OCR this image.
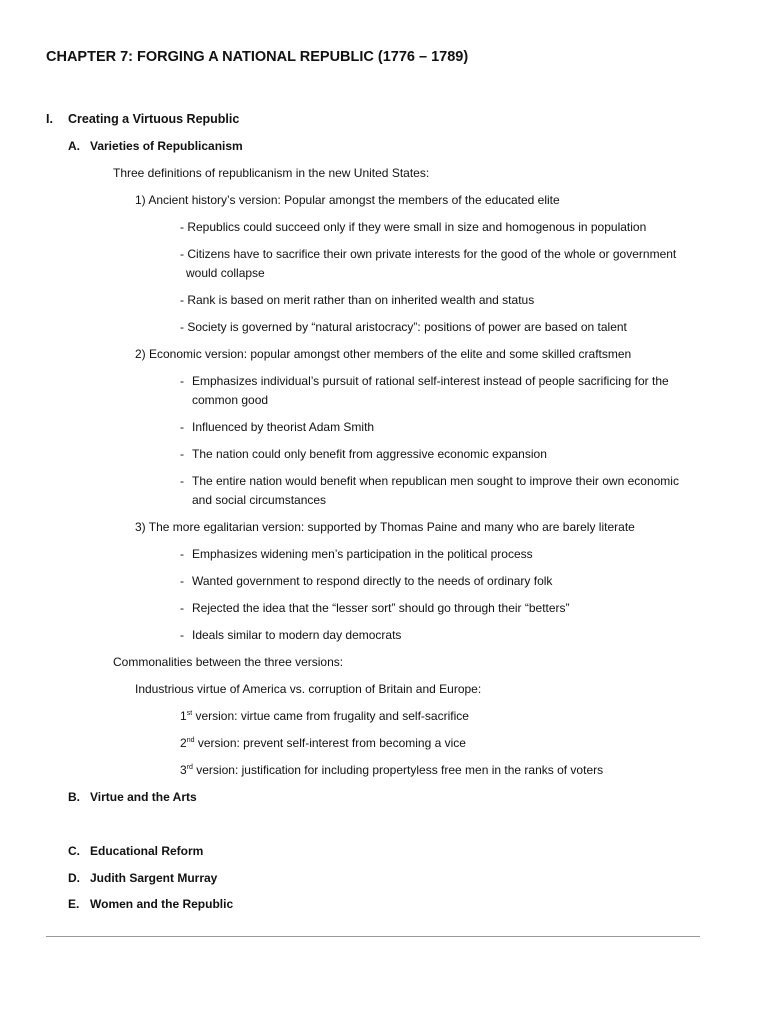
CHAPTER 7: FORGING A NATIONAL REPUBLIC (1776 – 1789)
I. Creating a Virtuous Republic
A. Varieties of Republicanism
Three definitions of republicanism in the new United States:
1) Ancient history’s version: Popular amongst the members of the educated elite
- Republics could succeed only if they were small in size and homogenous in population
- Citizens have to sacrifice their own private interests for the good of the whole or government
would collapse
- Rank is based on merit rather than on inherited wealth and status
- Society is governed by “natural aristocracy”: positions of power are based on talent
2) Economic version: popular amongst other members of the elite and some skilled craftsmen
- Emphasizes individual’s pursuit of rational self-interest instead of people sacrificing for the
common good
- Influenced by theorist Adam Smith
- The nation could only benefit from aggressive economic expansion
- The entire nation would benefit when republican men sought to improve their own economic
and social circumstances
3) The more egalitarian version: supported by Thomas Paine and many who are barely literate
- Emphasizes widening men’s participation in the political process
- Wanted government to respond directly to the needs of ordinary folk
- Rejected the idea that the “lesser sort” should go through their “betters”
- Ideals similar to modern day democrats
Commonalities between the three versions:
Industrious virtue of America vs. corruption of Britain and Europe:
1st version: virtue came from frugality and self-sacrifice
2nd version: prevent self-interest from becoming a vice
3rd version: justification for including propertyless free men in the ranks of voters
B. Virtue and the Arts
C. Educational Reform
D. Judith Sargent Murray
E. Women and the Republic
